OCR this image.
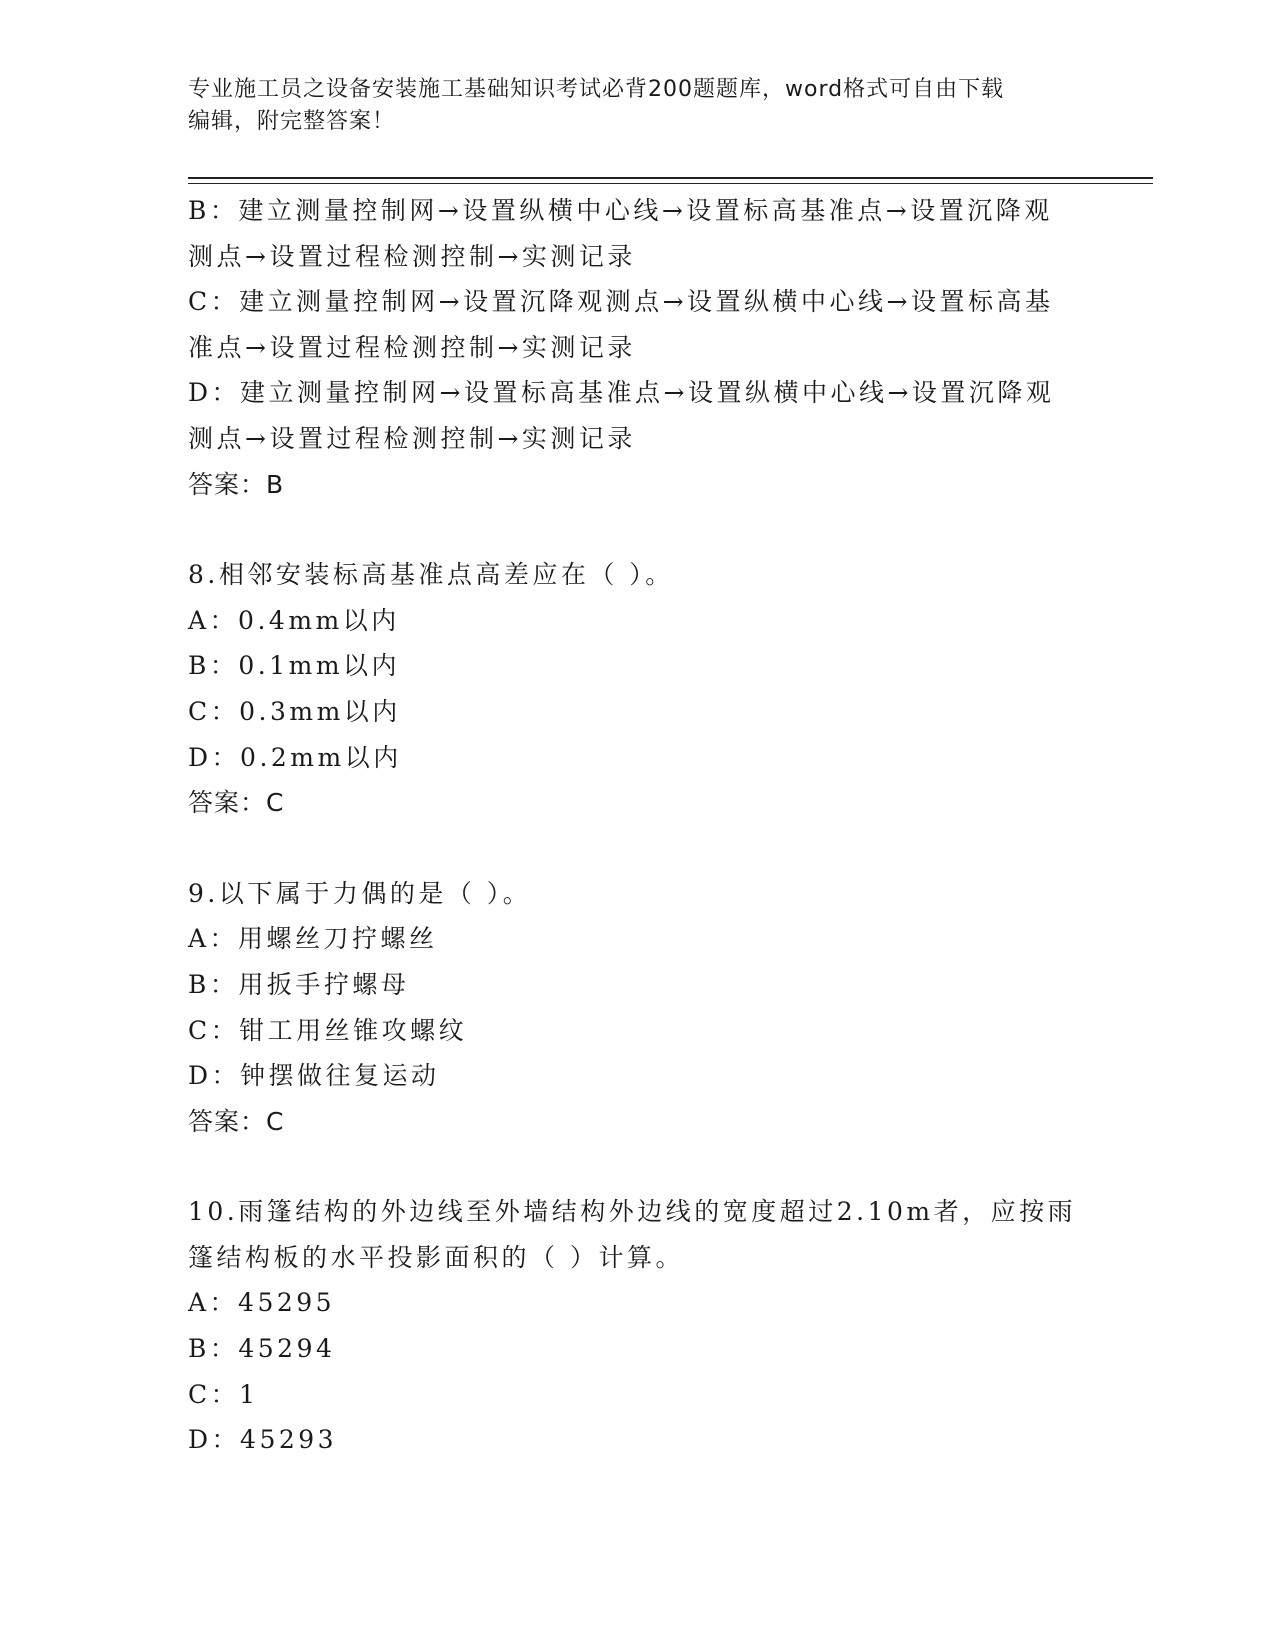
专业施工员之设备安装施工基础知识考试必背200题题库，word格式可自由下载
编辑，附完整答案！
B：建立测量控制网→设置纵横中心线→设置标高基准点→设置沉降观
测点→设置过程检测控制→实测记录
C：建立测量控制网→设置沉降观测点→设置纵横中心线→设置标高基
准点→设置过程检测控制→实测记录
D：建立测量控制网→设置标高基准点→设置纵横中心线→设置沉降观
测点→设置过程检测控制→实测记录
答案：B
8.相邻安装标高基准点高差应在（ ）。
A：0.4mm以内
B：0.1mm以内
C：0.3mm以内
D：0.2mm以内
答案：C
9.以下属于力偶的是（ ）。
A：用螺丝刀拧螺丝
B：用扳手拧螺母
C：钳工用丝锥攻螺纹
D：钟摆做往复运动
答案：C
10.雨篷结构的外边线至外墙结构外边线的宽度超过2.10m者，应按雨
篷结构板的水平投影面积的（ ）计算。
A：45295
B：45294
C：1
D：45293
